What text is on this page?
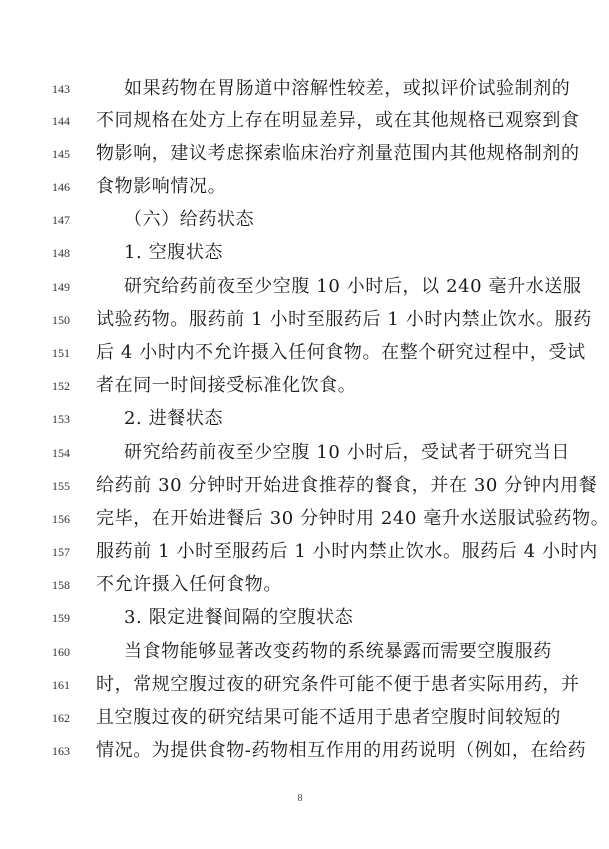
143	如果药物在胃肠道中溶解性较差，或拟评价试验制剂的
144	不同规格在处方上存在明显差异，或在其他规格已观察到食
145	物影响，建议考虑探索临床治疗剂量范围内其他规格制剂的
146	食物影响情况。
147	（六）给药状态
148	1. 空腹状态
149	研究给药前夜至少空腹 10 小时后，以 240 毫升水送服
150	试验药物。服药前 1 小时至服药后 1 小时内禁止饮水。服药
151	后 4 小时内不允许摄入任何食物。在整个研究过程中，受试
152	者在同一时间接受标准化饮食。
153	2. 进餐状态
154	研究给药前夜至少空腹 10 小时后，受试者于研究当日
155	给药前 30 分钟时开始进食推荐的餐食，并在 30 分钟内用餐
156	完毕，在开始进餐后 30 分钟时用 240 毫升水送服试验药物。
157	服药前 1 小时至服药后 1 小时内禁止饮水。服药后 4 小时内
158	不允许摄入任何食物。
159	3. 限定进餐间隔的空腹状态
160	当食物能够显著改变药物的系统暴露而需要空腹服药
161	时，常规空腹过夜的研究条件可能不便于患者实际用药，并
162	且空腹过夜的研究结果可能不适用于患者空腹时间较短的
163	情况。为提供食物-药物相互作用的用药说明（例如，在给药
8
